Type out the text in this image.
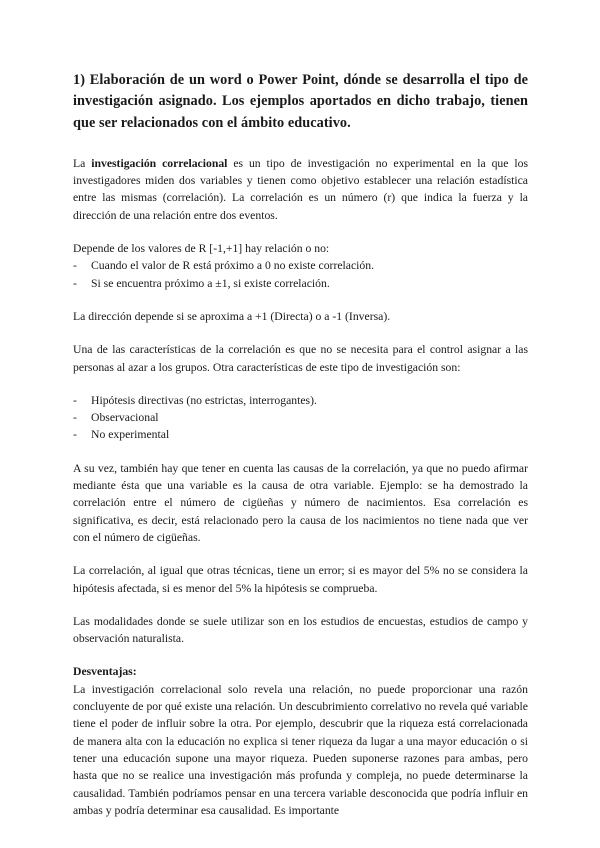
1) Elaboración de un word o Power Point, dónde se desarrolla el tipo de investigación asignado. Los ejemplos aportados en dicho trabajo, tienen que ser relacionados con el ámbito educativo.

La investigación correlacional es un tipo de investigación no experimental en la que los investigadores miden dos variables y tienen como objetivo establecer una relación estadística entre las mismas (correlación). La correlación es un número (r) que indica la fuerza y la dirección de una relación entre dos eventos.

Depende de los valores de R [-1,+1] hay relación o no:

-	Cuando el valor de R está próximo a 0 no existe correlación.
-	Si se encuentra próximo a ±1, si existe correlación.

La dirección depende si se aproxima a +1 (Directa) o a -1 (Inversa).

Una de las características de la correlación es que no se necesita para el control asignar a las personas al azar a los grupos. Otra características de este tipo de investigación son:

-	Hipótesis directivas (no estrictas, interrogantes).
-	Observacional
-	No experimental

A su vez, también hay que tener en cuenta las causas de la correlación, ya que no puedo afirmar mediante ésta que una variable es la causa de otra variable. Ejemplo: se ha demostrado la correlación entre el número de cigüeñas y número de nacimientos. Esa correlación es significativa, es decir, está relacionado pero la causa de los nacimientos no tiene nada que ver con el número de cigüeñas.

La correlación, al igual que otras técnicas, tiene un error; si es mayor del 5% no se considera la hipótesis afectada, si es menor del 5% la hipótesis se comprueba.

Las modalidades donde se suele utilizar son en los estudios de encuestas, estudios de campo y observación naturalista.

Desventajas:

La investigación correlacional solo revela una relación, no puede proporcionar una razón concluyente de por qué existe una relación. Un descubrimiento correlativo no revela qué variable tiene el poder de influir sobre la otra. Por ejemplo, descubrir que la riqueza está correlacionada de manera alta con la educación no explica si tener riqueza da lugar a una mayor educación o si tener una educación supone una mayor riqueza. Pueden suponerse razones para ambas, pero hasta que no se realice una investigación más profunda y compleja, no puede determinarse la causalidad. También podríamos pensar en una tercera variable desconocida que podría influir en ambas y podría determinar esa causalidad. Es importante
